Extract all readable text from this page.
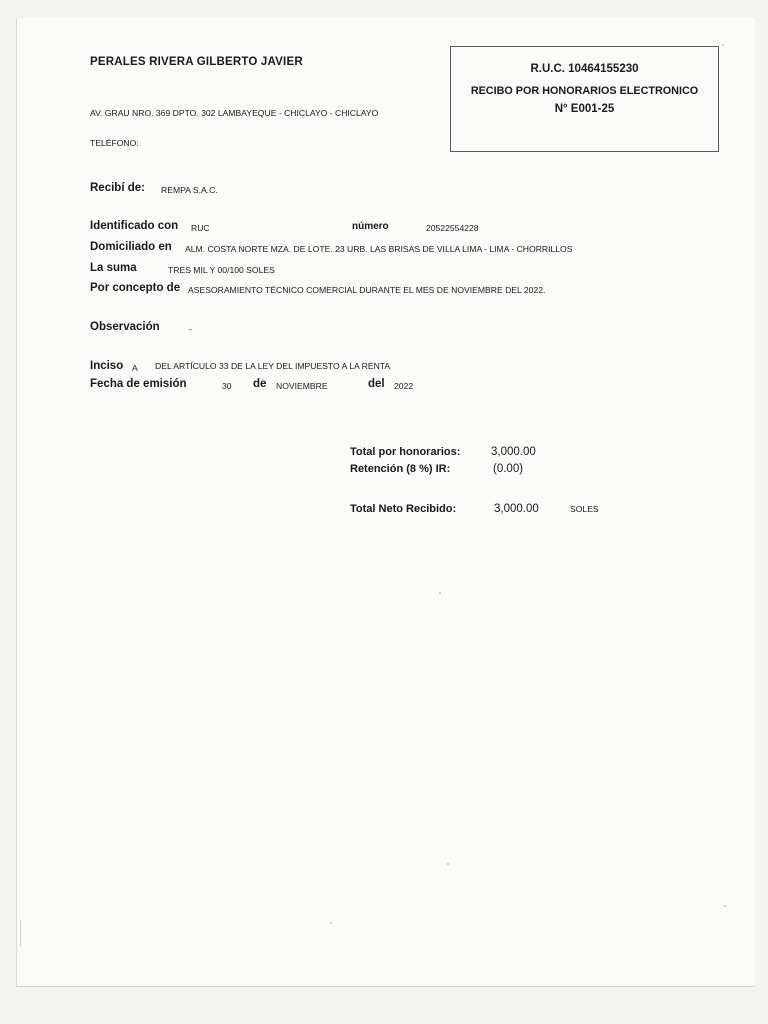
PERALES RIVERA GILBERTO JAVIER
AV. GRAU NRO. 369 DPTO. 302 LAMBAYEQUE - CHICLAYO - CHICLAYO
TELÉFONO:
R.U.C. 10464155230
RECIBO POR HONORARIOS ELECTRONICO
N° E001-25
Recibí de: REMPA S.A.C.
Identificado con RUC	número	20522554228
Domiciliado en ALM. COSTA NORTE MZA. DE LOTE. 23 URB. LAS BRISAS DE VILLA LIMA - LIMA - CHORRILLOS
La suma	TRES MIL Y 00/100 SOLES
Por concepto de ASESORAMIENTO TÉCNICO COMERCIAL DURANTE EL MES DE NOVIEMBRE DEL 2022.
Observación	-
Inciso A DEL ARTÍCULO 33 DE LA LEY DEL IMPUESTO A LA RENTA
Fecha de emisión	30 de NOVIEMBRE	del 2022
Total por honorarios:	3,000.00
Retención (8 %) IR:	(0.00)
Total Neto Recibido:	3,000.00	SOLES
